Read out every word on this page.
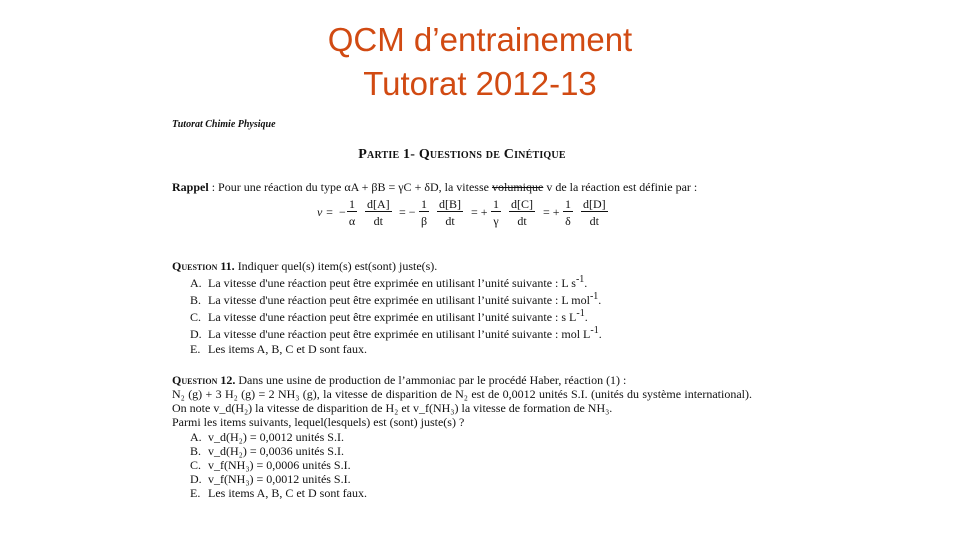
QCM d’entrainement
Tutorat 2012-13
Tutorat Chimie Physique
Partie 1- Questions de Cinétique
Rappel : Pour une réaction du type αA + βB = γC + δD, la vitesse volumique v de la réaction est définie par :
v = − $\frac{1}{\alpha} \frac{d[A]}{dt}$ = − $\frac{1}{\beta} \frac{d[B]}{dt}$ = + $\frac{1}{\gamma} \frac{d[C]}{dt}$ = + $\frac{1}{\delta} \frac{d[D]}{dt}$
Question 11. Indiquer quel(s) item(s) est(sont) juste(s).
A. La vitesse d'une réaction peut être exprimée en utilisant l’unité suivante : L $s^{-1}$.
B. La vitesse d'une réaction peut être exprimée en utilisant l’unité suivante : L mol$^{-1}$.
C. La vitesse d'une réaction peut être exprimée en utilisant l’unité suivante : s $L^{-1}$.
D. La vitesse d'une réaction peut être exprimée en utilisant l’unité suivante : mol $L^{-1}$.
E. Les items A, B, C et D sont faux.
Question 12. Dans une usine de production de l’ammoniac par le procédé Haber, réaction (1) :
N₂ (g) + 3 H₂ (g) = 2 NH₃ (g), la vitesse de disparition de N₂ est de 0,0012 unités S.I. (unités du système international). On note v_d(H₂) la vitesse de disparition de H₂ et v_f(NH₃) la vitesse de formation de NH₃.
Parmi les items suivants, lequel(lesquels) est (sont) juste(s) ?
A. v_d(H₂) = 0,0012 unités S.I.
B. v_d(H₂) = 0,0036 unités S.I.
C. v_f(NH₃) = 0,0006 unités S.I.
D. v_f(NH₃) = 0,0012 unités S.I.
E. Les items A, B, C et D sont faux.
